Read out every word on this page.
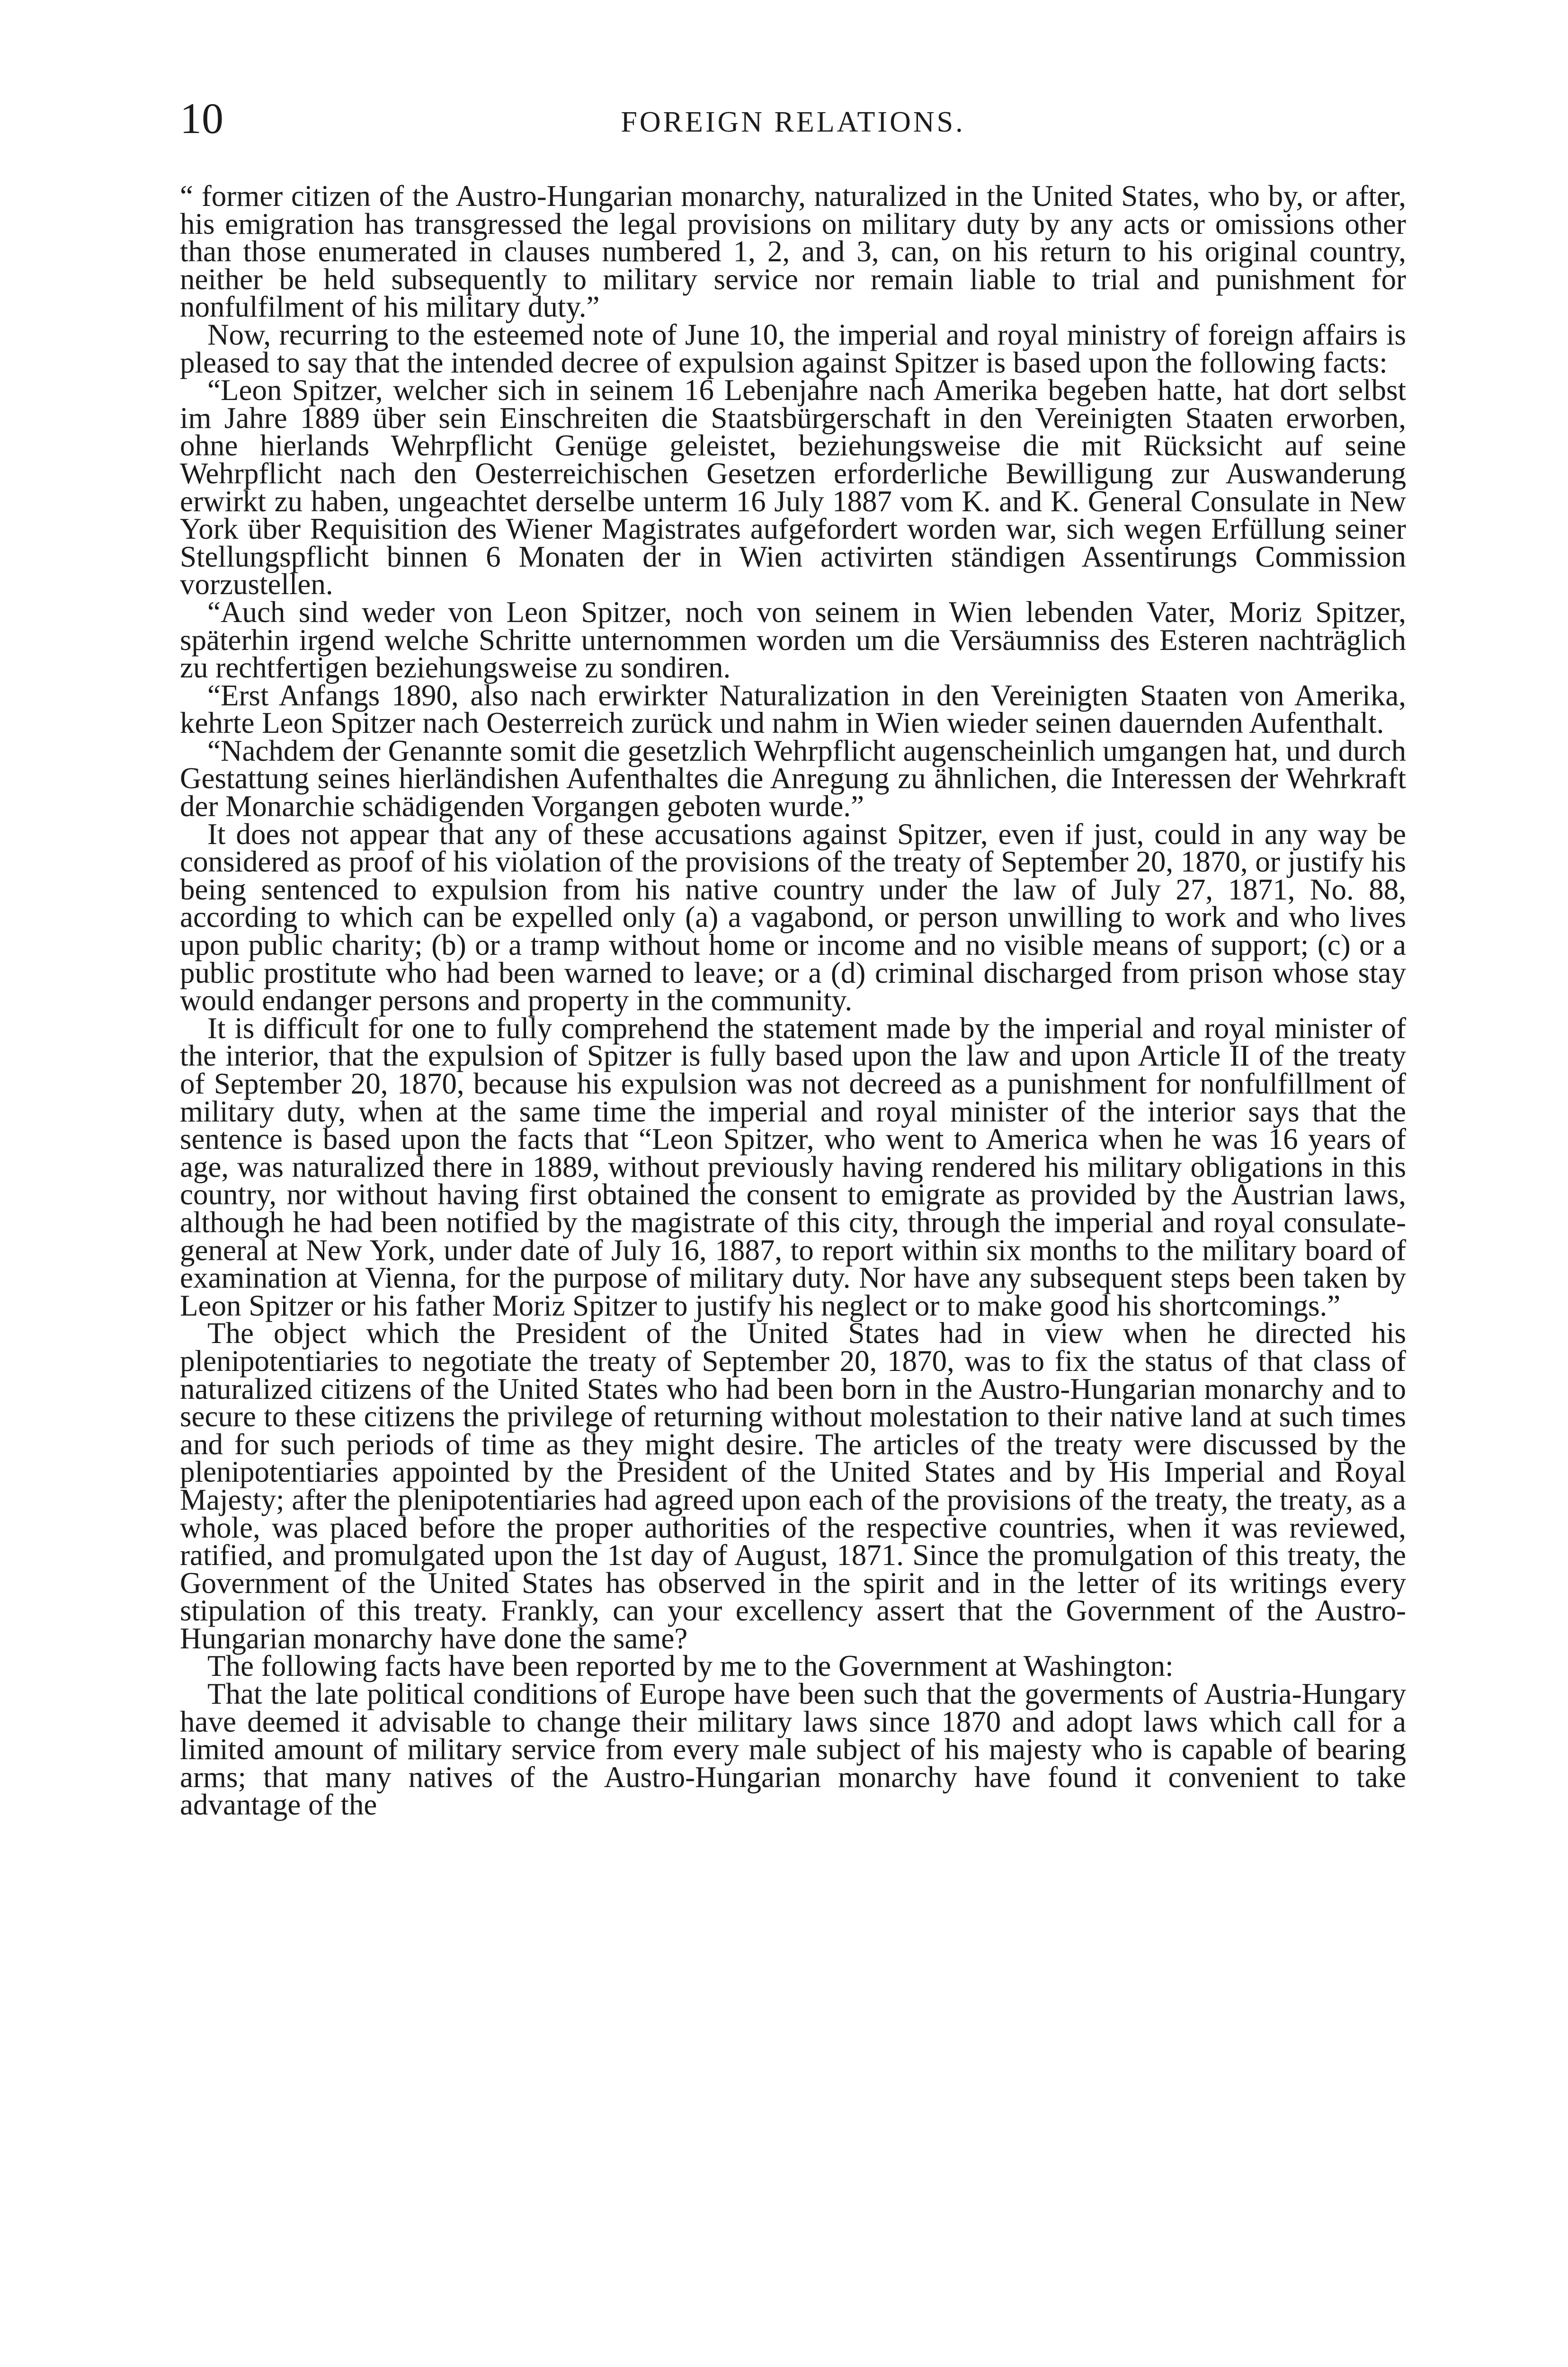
10	FOREIGN RELATIONS.

“ former citizen of the Austro-Hungarian monarchy, naturalized in the United States, who by, or after, his emigration has transgressed the legal provisions on military duty by any acts or omissions other than those enumerated in clauses numbered 1, 2, and 3, can, on his return to his original country, neither be held subsequently to military service nor remain liable to trial and punishment for nonfulfilment of his military duty.”

Now, recurring to the esteemed note of June 10, the imperial and royal ministry of foreign affairs is pleased to say that the intended decree of expulsion against Spitzer is based upon the following facts:

“Leon Spitzer, welcher sich in seinem 16 Lebenjahre nach Amerika begeben hatte, hat dort selbst im Jahre 1889 über sein Einschreiten die Staatsbürgerschaft in den Vereinigten Staaten erworben, ohne hierlands Wehrpflicht Genüge geleistet, beziehungsweise die mit Rücksicht auf seine Wehrpflicht nach den Oesterreichischen Gesetzen erforderliche Bewilligung zur Auswanderung erwirkt zu haben, ungeachtet derselbe unterm 16 July 1887 vom K. and K. General Consulate in New York über Requisition des Wiener Magistrates aufgefordert worden war, sich wegen Erfüllung seiner Stellungspflicht binnen 6 Monaten der in Wien activirten ständigen Assentirungs Commission vorzustellen.

“Auch sind weder von Leon Spitzer, noch von seinem in Wien lebenden Vater, Moriz Spitzer, späterhin irgend welche Schritte unternommen worden um die Versäumniss des Esteren nachträglich zu rechtfertigen beziehungsweise zu sondiren.

“Erst Anfangs 1890, also nach erwirkter Naturalization in den Vereinigten Staaten von Amerika, kehrte Leon Spitzer nach Oesterreich zurück und nahm in Wien wieder seinen dauernden Aufenthalt.

“Nachdem der Genannte somit die gesetzlich Wehrpflicht augenscheinlich umgangen hat, und durch Gestattung seines hierländishen Aufenthaltes die Anregung zu ähnlichen, die Interessen der Wehrkraft der Monarchie schädigenden Vorgangen geboten wurde.”

It does not appear that any of these accusations against Spitzer, even if just, could in any way be considered as proof of his violation of the provisions of the treaty of September 20, 1870, or justify his being sentenced to expulsion from his native country under the law of July 27, 1871, No. 88, according to which can be expelled only (a) a vagabond, or person unwilling to work and who lives upon public charity; (b) or a tramp without home or income and no visible means of support; (c) or a public prostitute who had been warned to leave; or a (d) criminal discharged from prison whose stay would endanger persons and property in the community.

It is difficult for one to fully comprehend the statement made by the imperial and royal minister of the interior, that the expulsion of Spitzer is fully based upon the law and upon Article II of the treaty of September 20, 1870, because his expulsion was not decreed as a punishment for nonfulfillment of military duty, when at the same time the imperial and royal minister of the interior says that the sentence is based upon the facts that “Leon Spitzer, who went to America when he was 16 years of age, was naturalized there in 1889, without previously having rendered his military obligations in this country, nor without having first obtained the consent to emigrate as provided by the Austrian laws, although he had been notified by the magistrate of this city, through the imperial and royal consulate-general at New York, under date of July 16, 1887, to report within six months to the military board of examination at Vienna, for the purpose of military duty. Nor have any subsequent steps been taken by Leon Spitzer or his father Moriz Spitzer to justify his neglect or to make good his shortcomings.”

The object which the President of the United States had in view when he directed his plenipotentiaries to negotiate the treaty of September 20, 1870, was to fix the status of that class of naturalized citizens of the United States who had been born in the Austro-Hungarian monarchy and to secure to these citizens the privilege of returning without molestation to their native land at such times and for such periods of time as they might desire. The articles of the treaty were discussed by the plenipotentiaries appointed by the President of the United States and by His Imperial and Royal Majesty; after the plenipotentiaries had agreed upon each of the provisions of the treaty, the treaty, as a whole, was placed before the proper authorities of the respective countries, when it was reviewed, ratified, and promulgated upon the 1st day of August, 1871. Since the promulgation of this treaty, the Government of the United States has observed in the spirit and in the letter of its writings every stipulation of this treaty. Frankly, can your excellency assert that the Government of the Austro-Hungarian monarchy have done the same?

The following facts have been reported by me to the Government at Washington:

That the late political conditions of Europe have been such that the goverments of Austria-Hungary have deemed it advisable to change their military laws since 1870 and adopt laws which call for a limited amount of military service from every male subject of his majesty who is capable of bearing arms; that many natives of the Austro-Hungarian monarchy have found it convenient to take advantage of the
